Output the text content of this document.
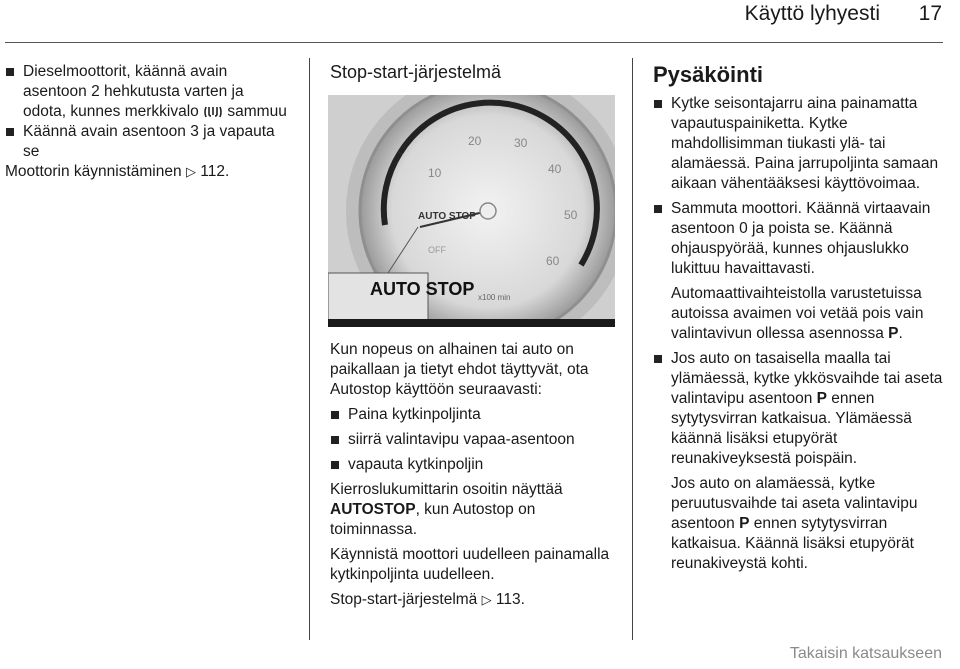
Käyttö lyhyesti 17
Dieselmoottorit, käännä avain asentoon 2 hehkutusta varten ja odota, kunnes merkkivalo sammuu
Käännä avain asentoon 3 ja vapauta se
Moottorin käynnistäminen ▷ 112.
Stop-start-järjestelmä
10
20	30
40
50
60
AUTO STOP
OFF
x100 min
AUTO STOP

Kun nopeus on alhainen tai auto on paikallaan ja tietyt ehdot täyttyvät, ota Autostop käyttöön seuraavasti:

Paina kytkinpoljinta
siirrä valintavipu vapaa-asentoon
vapauta kytkinpoljin

Kierroslukumittarin osoitin näyttää AUTOSTOP, kun Autostop on toiminnassa.

Käynnistä moottori uudelleen painamalla kytkinpoljinta uudelleen.

Stop-start-järjestelmä ▷ 113.
Pysäköinti
Kytke seisontajarru aina painamatta vapautuspainiketta. Kytke mahdollisimman tiukasti ylä- tai alamäessä. Paina jarrupoljinta samaan aikaan vähentääksesi käyttövoimaa.
Sammuta moottori. Käännä virtaavain asentoon 0 ja poista se. Käännä ohjauspyörää, kunnes ohjauslukko lukittuu havaittavasti.

Automaattivaihteistolla varustetuissa autoissa avaimen voi vetää pois vain valintavivun ollessa asennossa P.

Jos auto on tasaisella maalla tai ylämäessä, kytke ykkösvaihde tai aseta valintavipu asentoon P ennen sytytysvirran katkaisua. Ylämäessä käännä lisäksi etupyörät reunakiveyksestä poispäin.

Jos auto on alamäessä, kytke peruutusvaihde tai aseta valintavipu asentoon P ennen sytytysvirran katkaisua. Käännä lisäksi etupyörät reunakiveystä kohti.

Takaisin katsaukseen
